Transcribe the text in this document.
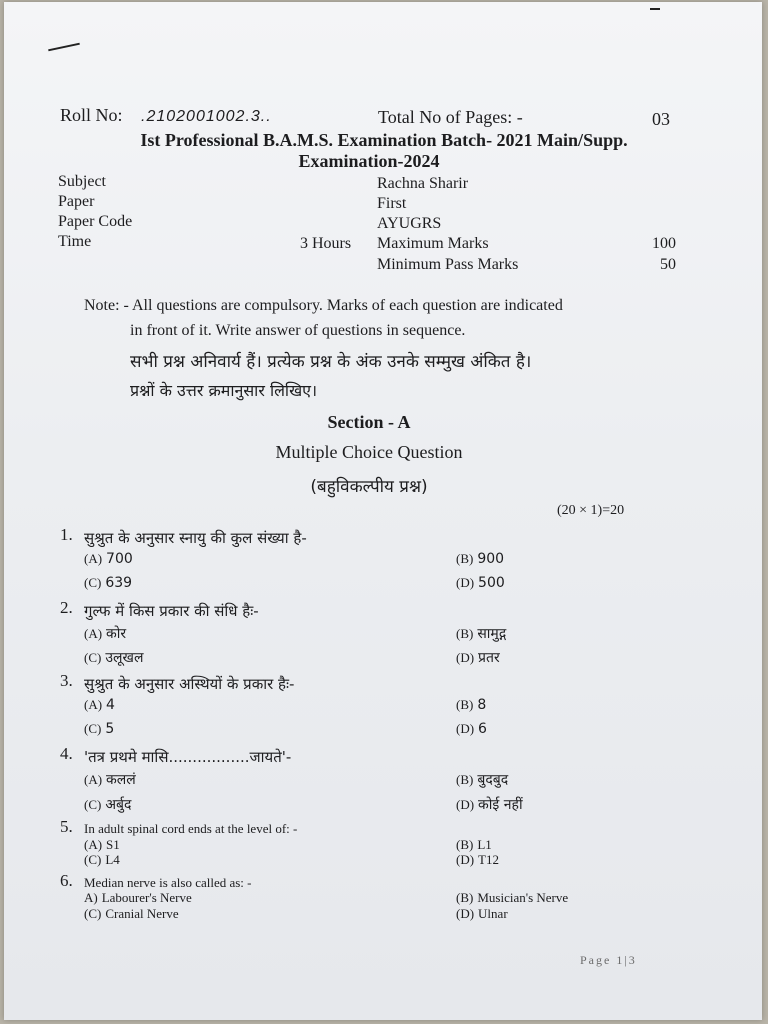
Roll No: .2102001002.3..	Total No of Pages: -	03
Ist Professional B.A.M.S. Examination Batch- 2021 Main/Supp.
Examination-2024
Subject	Rachna Sharir
Paper	First
Paper Code	AYUGRS
Time	3 Hours Maximum Marks	100
Minimum Pass Marks	50
Note: - All questions are compulsory. Marks of each question are indicated
in front of it. Write answer of questions in sequence.
सभी प्रश्न अनिवार्य हैं। प्रत्येक प्रश्न के अंक उनके सम्मुख अंकित है।
प्रश्नों के उत्तर क्रमानुसार लिखिए।
Section - A
Multiple Choice Question
(बहुविकल्पीय प्रश्न)
(20 × 1)=20
1. सुश्रुत के अनुसार स्नायु की कुल संख्या है-
(A) 700	(B) 900
(C) 639	(D) 500
2. गुल्फ में किस प्रकार की संधि हैः-
(A) कोर	(B) सामुद्ग
(C) उलूखल	(D) प्रतर
3. सुश्रुत के अनुसार अस्थियों के प्रकार हैः-
(A) 4	(B) 8
(C) 5	(D) 6
4. 'तत्र प्रथमे मासि.................जायते'-
(A) कललं	(B) बुदबुद
(C) अर्बुद	(D) कोई नहीं
5. In adult spinal cord ends at the level of: -
(A) S1	(B) L1
(C) L4	(D) T12
6. Median nerve is also called as: -
A) Labourer's Nerve	(B) Musician's Nerve
(C) Cranial Nerve	(D) Ulnar
Page 1|3
